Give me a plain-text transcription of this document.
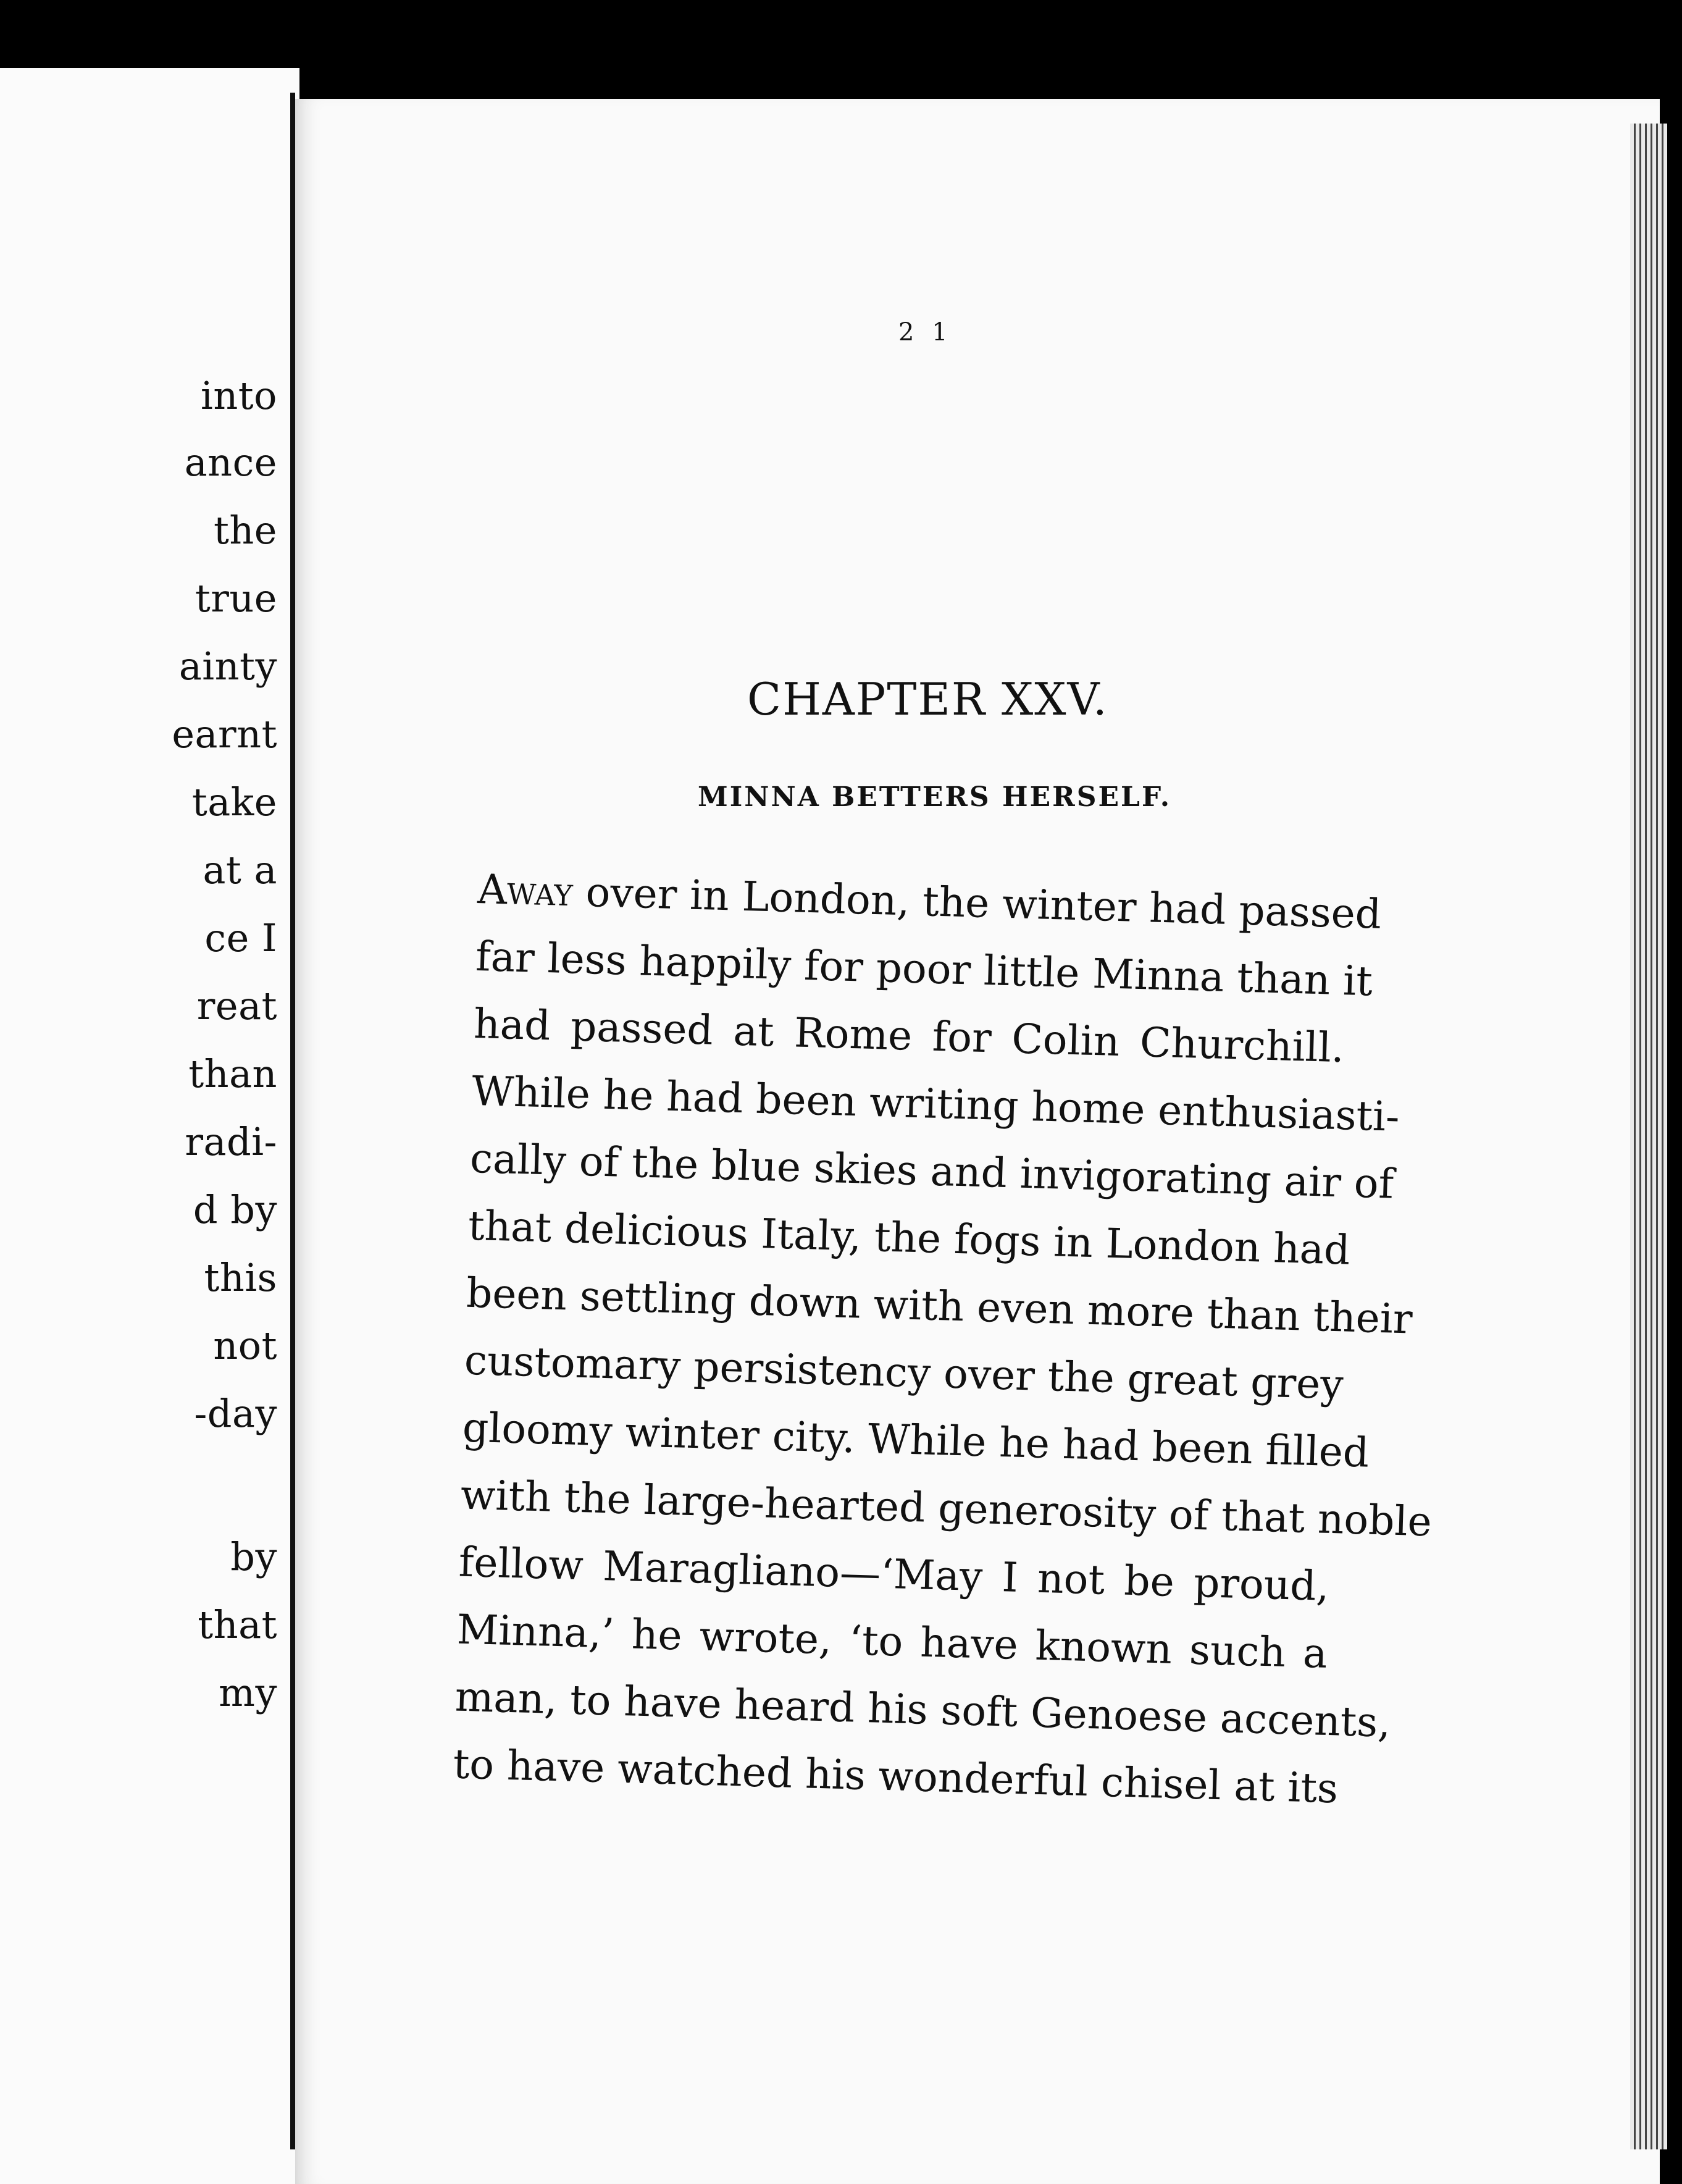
into
ance
the
true
ainty
earnt
take
at a
ce I
reat
than
radi-
d by
this
not
-day
by
that
my
2 1
CHAPTER XXV.
MINNA BETTERS HERSELF.
Away over in London, the winter had passed
far less happily for poor little Minna than it
had passed at Rome for Colin Churchill.
While he had been writing home enthusiasti-
cally of the blue skies and invigorating air of
that delicious Italy, the fogs in London had
been settling down with even more than their
customary persistency over the great grey
gloomy winter city. While he had been filled
with the large-hearted generosity of that noble
fellow Maragliano—‘May I not be proud,
Minna,’ he wrote, ‘to have known such a
man, to have heard his soft Genoese accents,
to have watched his wonderful chisel at its
